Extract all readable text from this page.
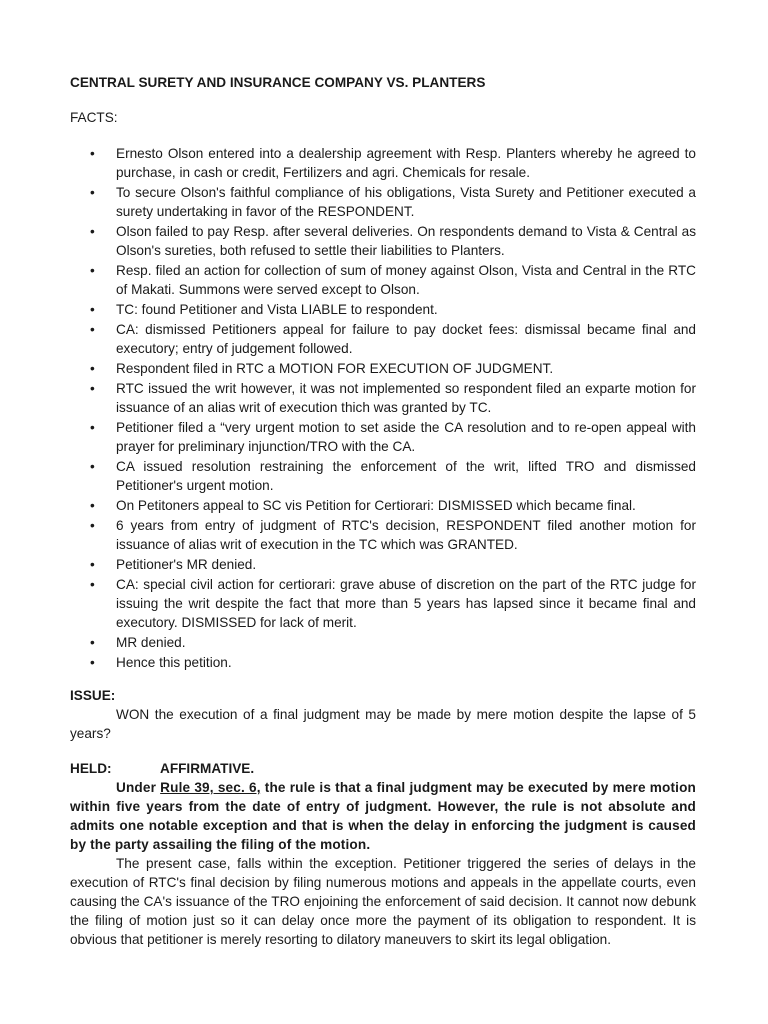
CENTRAL SURETY AND INSURANCE COMPANY VS. PLANTERS

FACTS:

• Ernesto Olson entered into a dealership agreement with Resp. Planters whereby he agreed to purchase, in cash or credit, Fertilizers and agri. Chemicals for resale.
• To secure Olson's faithful compliance of his obligations, Vista Surety and Petitioner executed a surety undertaking in favor of the RESPONDENT.
• Olson failed to pay Resp. after several deliveries. On respondents demand to Vista & Central as Olson's sureties, both refused to settle their liabilities to Planters.
• Resp. filed an action for collection of sum of money against Olson, Vista and Central in the RTC of Makati. Summons were served except to Olson.
• TC: found Petitioner and Vista LIABLE to respondent.
• CA: dismissed Petitioners appeal for failure to pay docket fees: dismissal became final and executory; entry of judgement followed.
• Respondent filed in RTC a MOTION FOR EXECUTION OF JUDGMENT.
• RTC issued the writ however, it was not implemented so respondent filed an exparte motion for issuance of an alias writ of execution thich was granted by TC.
• Petitioner filed a “very urgent motion to set aside the CA resolution and to re-open appeal with prayer for preliminary injunction/TRO with the CA.
• CA issued resolution restraining the enforcement of the writ, lifted TRO and dismissed Petitioner's urgent motion.
• On Petitoners appeal to SC vis Petition for Certiorari: DISMISSED which became final.
• 6 years from entry of judgment of RTC's decision, RESPONDENT filed another motion for issuance of alias writ of execution in the TC which was GRANTED.
• Petitioner's MR denied.
• CA: special civil action for certiorari: grave abuse of discretion on the part of the RTC judge for issuing the writ despite the fact that more than 5 years has lapsed since it became final and executory. DISMISSED for lack of merit.
• MR denied.
• Hence this petition.

ISSUE:

WON the execution of a final judgment may be made by mere motion despite the lapse of 5 years?

HELD:	AFFIRMATIVE.

Under Rule 39, sec. 6, the rule is that a final judgment may be executed by mere motion within five years from the date of entry of judgment. However, the rule is not absolute and admits one notable exception and that is when the delay in enforcing the judgment is caused by the party assailing the filing of the motion.

The present case, falls within the exception. Petitioner triggered the series of delays in the execution of RTC's final decision by filing numerous motions and appeals in the appellate courts, even causing the CA's issuance of the TRO enjoining the enforcement of said decision. It cannot now debunk the filing of motion just so it can delay once more the payment of its obligation to respondent. It is obvious that petitioner is merely resorting to dilatory maneuvers to skirt its legal obligation.
